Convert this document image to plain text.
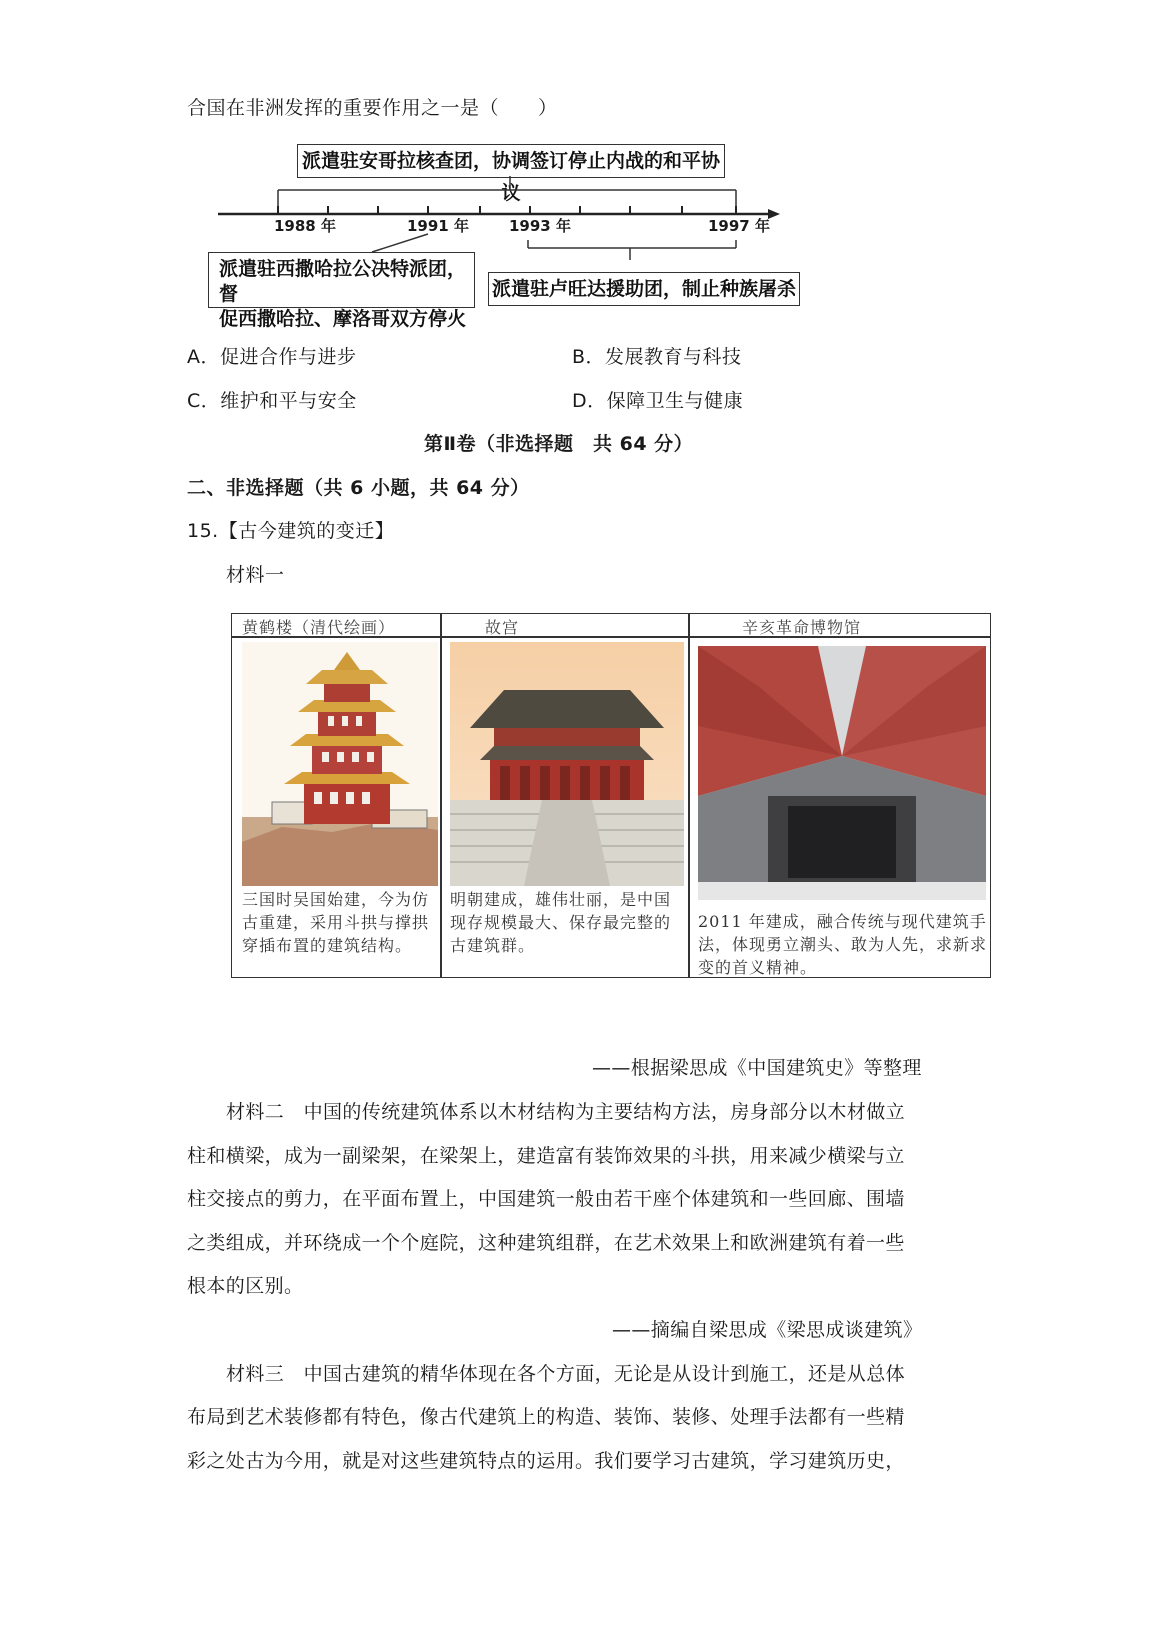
合国在非洲发挥的重要作用之一是（　　）
派遣驻安哥拉核查团，协调签订停止内战的和平协议
1988 年	1991 年	1993 年	1997 年
派遣驻西撒哈拉公决特派团，督
促西撒哈拉、摩洛哥双方停火
派遣驻卢旺达援助团，制止种族屠杀
A．促进合作与进步	B．发展教育与科技
C．维护和平与安全	D．保障卫生与健康
第Ⅱ卷（非选择题　共 64 分）
二、非选择题（共 6 小题，共 64 分）
15.【古今建筑的变迁】
材料一
黄鹤楼（清代绘画）	故宫	辛亥革命博物馆
三国时吴国始建，今为仿古重建，采用斗拱与撑拱穿插布置的建筑结构。
明朝建成，雄伟壮丽，是中国现存规模最大、保存最完整的古建筑群。
2011 年建成，融合传统与现代建筑手法，体现勇立潮头、敢为人先，求新求变的首义精神。
——根据梁思成《中国建筑史》等整理
材料二　中国的传统建筑体系以木材结构为主要结构方法，房身部分以木材做立
柱和横梁，成为一副梁架，在梁架上，建造富有装饰效果的斗拱，用来减少横梁与立
柱交接点的剪力，在平面布置上，中国建筑一般由若干座个体建筑和一些回廊、围墙
之类组成，并环绕成一个个庭院，这种建筑组群，在艺术效果上和欧洲建筑有着一些
根本的区别。
——摘编自梁思成《梁思成谈建筑》
材料三　中国古建筑的精华体现在各个方面，无论是从设计到施工，还是从总体
布局到艺术装修都有特色，像古代建筑上的构造、装饰、装修、处理手法都有一些精
彩之处古为今用，就是对这些建筑特点的运用。我们要学习古建筑，学习建筑历史，
